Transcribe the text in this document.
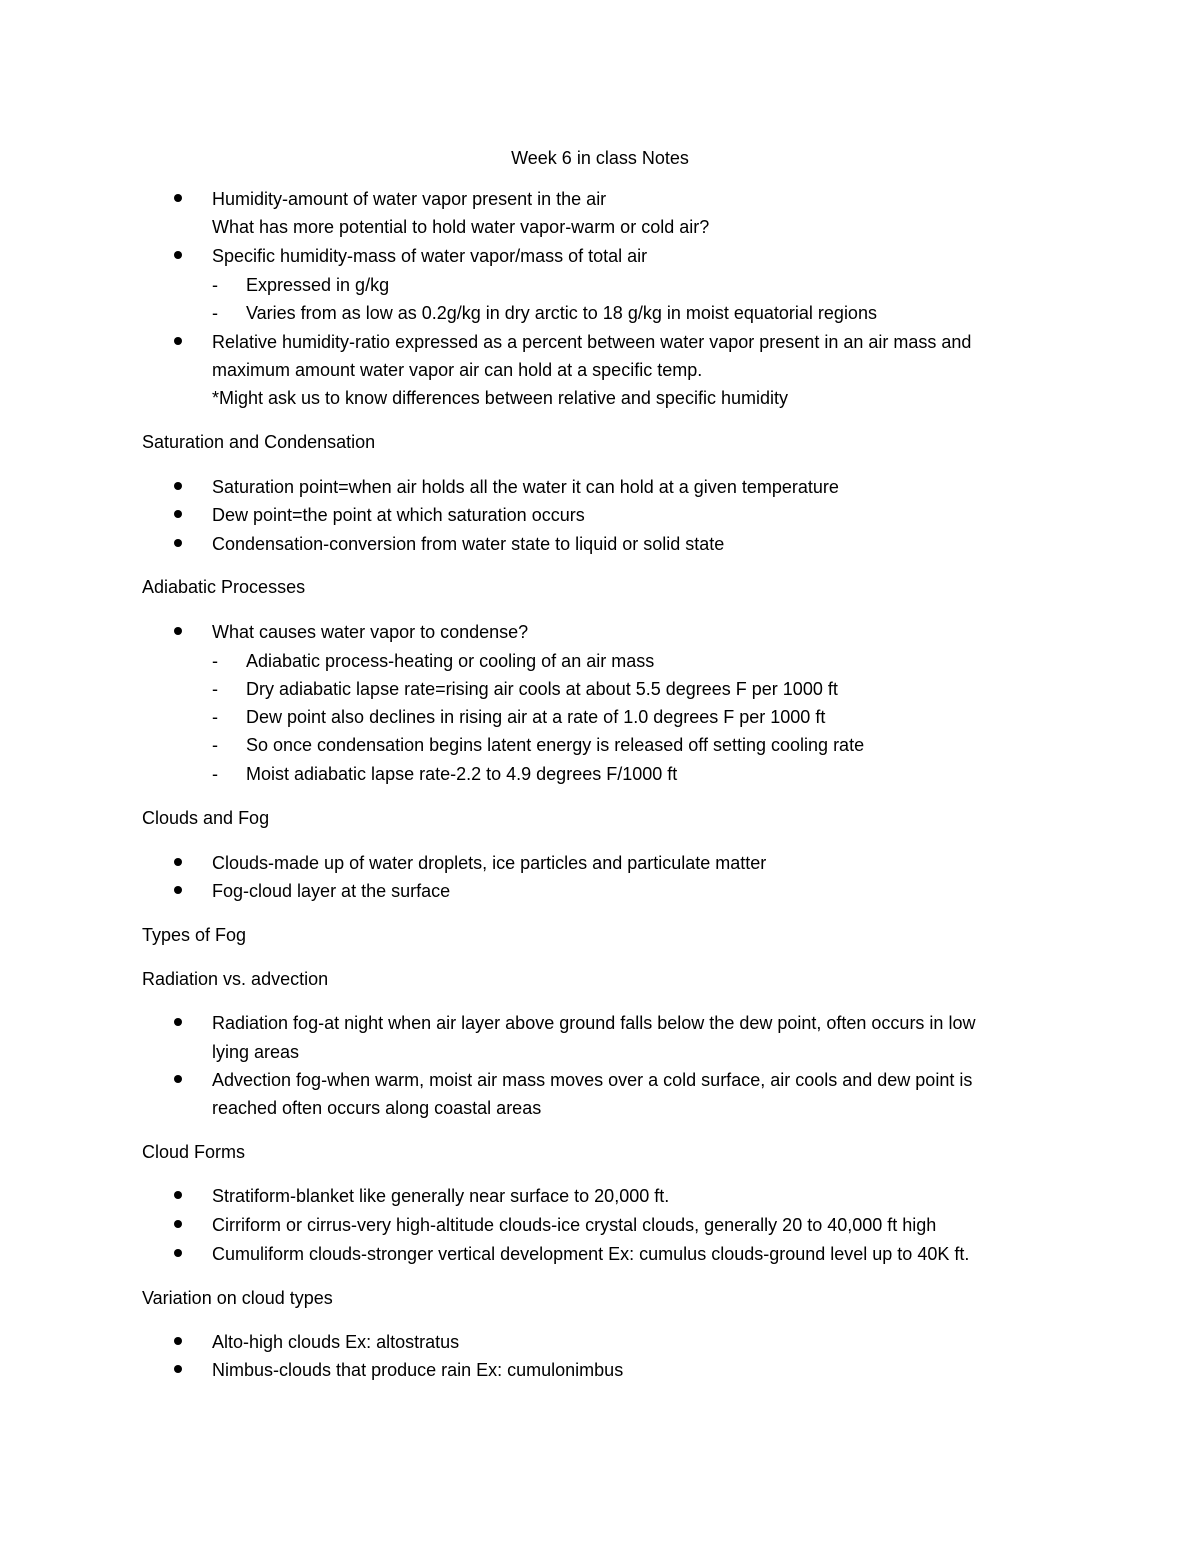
Week 6 in class Notes
Humidity-amount of water vapor present in the air
What has more potential to hold water vapor-warm or cold air?
Specific humidity-mass of water vapor/mass of total air
- Expressed in g/kg
- Varies from as low as 0.2g/kg in dry arctic to 18 g/kg in moist equatorial regions
Relative humidity-ratio expressed as a percent between water vapor present in an air mass and
maximum amount water vapor air can hold at a specific temp.
*Might ask us to know differences between relative and specific humidity
Saturation and Condensation
Saturation point=when air holds all the water it can hold at a given temperature
Dew point=the point at which saturation occurs
Condensation-conversion from water state to liquid or solid state
Adiabatic Processes
What causes water vapor to condense?
- Adiabatic process-heating or cooling of an air mass
- Dry adiabatic lapse rate=rising air cools at about 5.5 degrees F per 1000 ft
- Dew point also declines in rising air at a rate of 1.0 degrees F per 1000 ft
- So once condensation begins latent energy is released off setting cooling rate
- Moist adiabatic lapse rate-2.2 to 4.9 degrees F/1000 ft
Clouds and Fog
Clouds-made up of water droplets, ice particles and particulate matter
Fog-cloud layer at the surface
Types of Fog
Radiation vs. advection
Radiation fog-at night when air layer above ground falls below the dew point, often occurs in low
lying areas
Advection fog-when warm, moist air mass moves over a cold surface, air cools and dew point is
reached often occurs along coastal areas
Cloud Forms
Stratiform-blanket like generally near surface to 20,000 ft.
Cirriform or cirrus-very high-altitude clouds-ice crystal clouds, generally 20 to 40,000 ft high
Cumuliform clouds-stronger vertical development Ex: cumulus clouds-ground level up to 40K ft.
Variation on cloud types
Alto-high clouds Ex: altostratus
Nimbus-clouds that produce rain Ex: cumulonimbus
